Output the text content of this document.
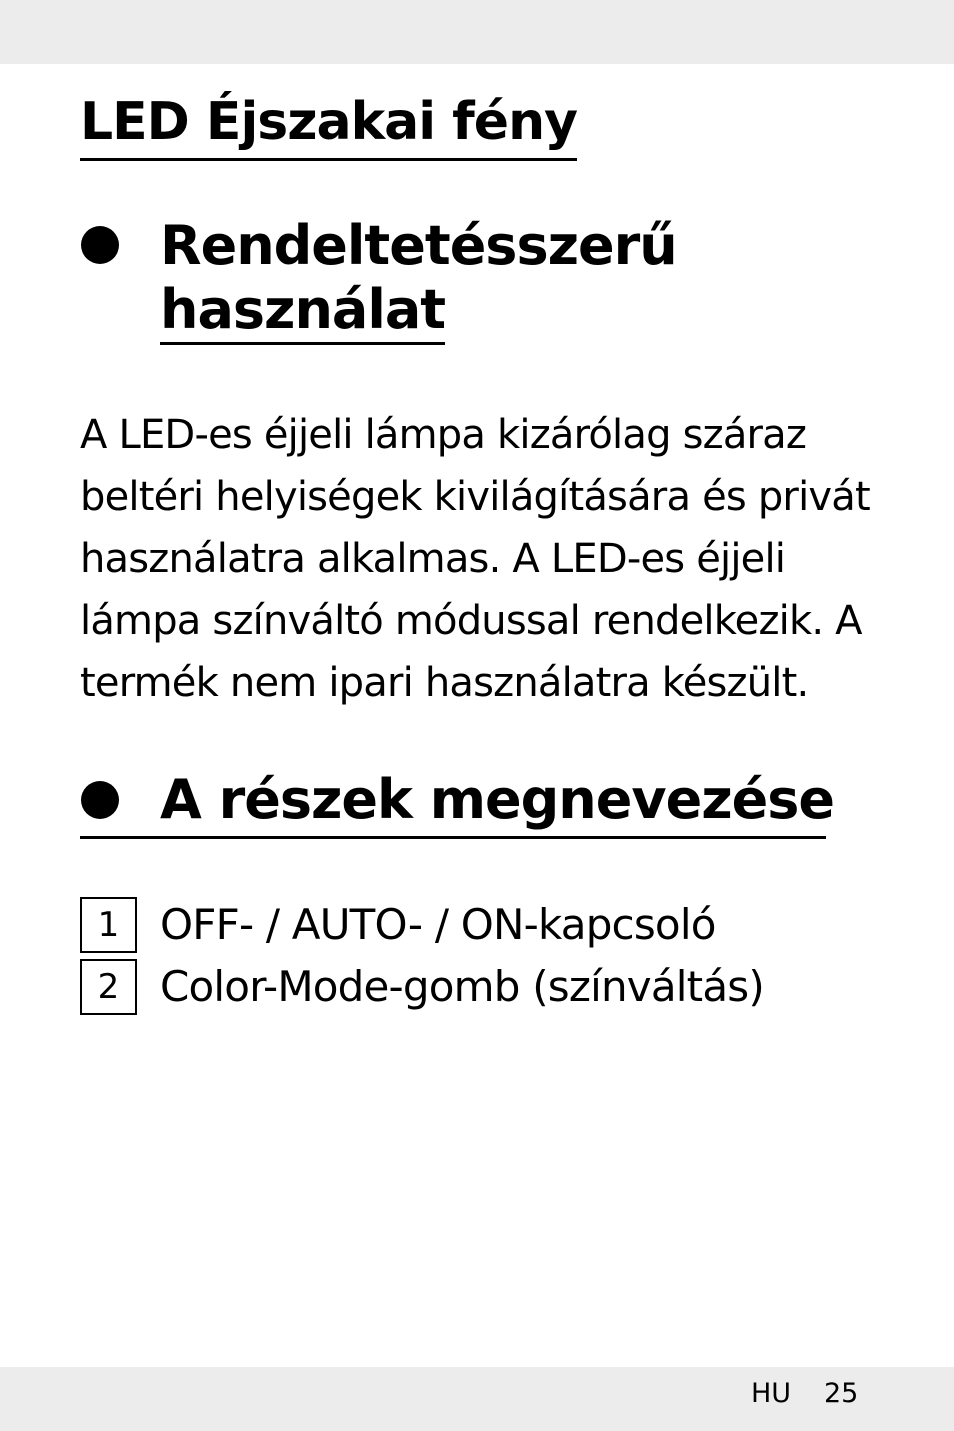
LED Éjszakai fény
Rendeltetésszerű
használat

A LED-es éjjeli lámpa kizárólag száraz
beltéri helyiségek kivilágítására és privát
használatra alkalmas. A LED-es éjjeli
lámpa színváltó módussal rendelkezik. A
termék nem ipari használatra készült.

A részek megnevezése
1 OFF- / AUTO- / ON-kapcsoló
2 Color-Mode-gomb (színváltás)
HU 25
